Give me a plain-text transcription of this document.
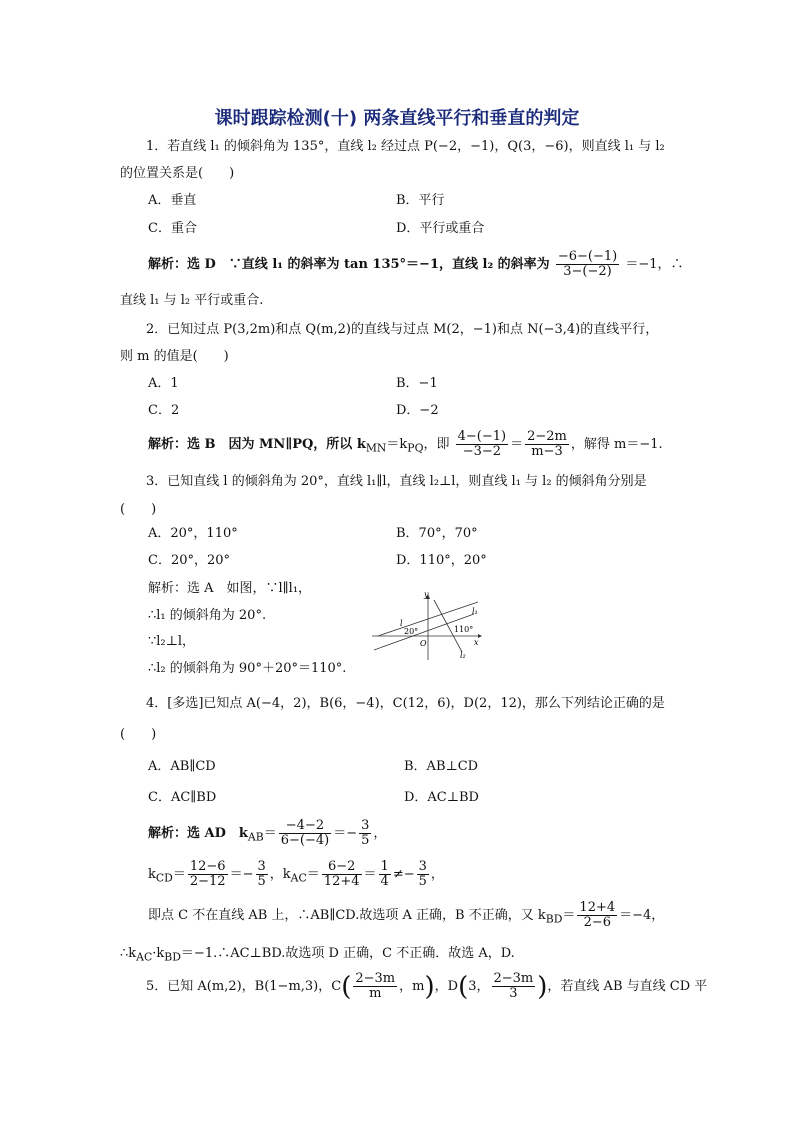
课时跟踪检测(十) 两条直线平行和垂直的判定
1．若直线 l₁ 的倾斜角为 135°，直线 l₂ 经过点 P(−2，−1)，Q(3，−6)，则直线 l₁ 与 l₂
的位置关系是(　　)
A．垂直	B．平行
C．重合	D．平行或重合
解析：选 D　∵直线 l₁ 的斜率为 tan 135°＝−1，直线 l₂ 的斜率为 $\frac{-6-(-1)}{3-(-2)} =-1$，∴
直线 l₁ 与 l₂ 平行或重合.
2．已知过点 P(3,2m)和点 Q(m,2)的直线与过点 M(2，−1)和点 N(−3,4)的直线平行，
则 m 的值是(　　)
A．1	B．−1
C．2	D．−2
解析：选 B　因为 MN∥PQ，所以 $k_{MN}=k_{PQ}$，即 $\frac{4-(-1)}{-3-2} = \frac{2-2m}{m-3}$ ，解得 m＝−1.
3．已知直线 l 的倾斜角为 20°，直线 l₁∥l，直线 l₂⊥l，则直线 l₁ 与 l₂ 的倾斜角分别是
(　　)
A．20°，110°	B．70°，70°
C．20°，20°	D．110°，20°
解析：选 A　如图，∵l∥l₁，
∴l₁ 的倾斜角为 20°.
∵l₂⊥l，
∴l₂ 的倾斜角为 90°＋20°＝110°.
y
x
O
l
l₁
l₂
20°	110°
4．[多选]已知点 A(−4，2)，B(6，−4)，C(12，6)，D(2，12)，那么下列结论正确的是
(　　)
A．AB∥CD	B．AB⊥CD
C．AC∥BD	D．AC⊥BD
解析：选 AD　$k_{AB}= \frac{-4-2}{6-(-4)} =- \frac{3}{5}$ ，
$k_{CD}= \frac{12-6}{2-12} =- \frac{3}{5}$ ，$k_{AC}= \frac{6-2}{12+4} = \frac{1}{4} \ne- \frac{3}{5}$ ，
即点 C 不在直线 AB 上，∴AB∥CD.故选项 A 正确，B 不正确，又 $k_{BD}= \frac{12+4}{2-6} =-4$，
$\therefore k_{AC}\cdot k_{BD}=-1.\therefore AC\perp BD$.故选项 D 正确，C 不正确．故选 A，D.
5．已知 A(m,2)，B(1−m,3)，$C( \frac{2-3m}{m}$ ，m)，D(3， $\frac{2-3m}{3}$ )，若直线 AB 与直线 CD 平
